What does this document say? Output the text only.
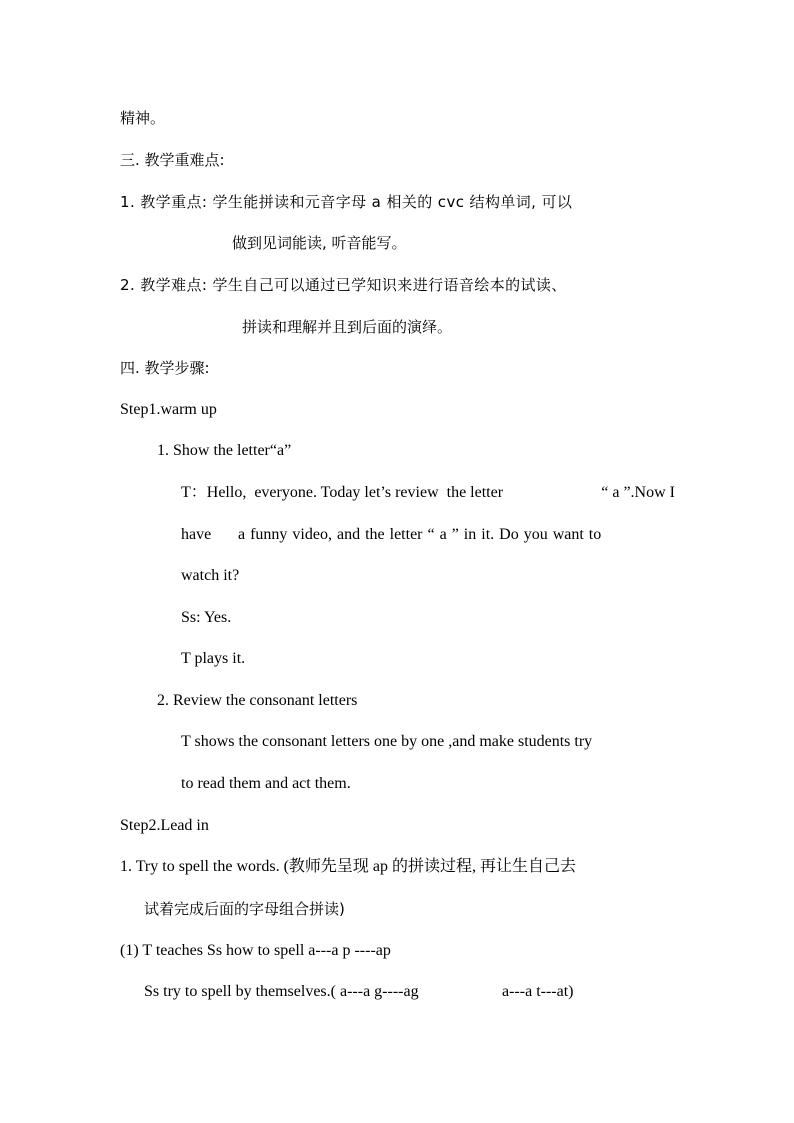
精神。
三. 教学重难点:
1. 教学重点: 学生能拼读和元音字母 a 相关的 cvc 结构单词, 可以
做到见词能读, 听音能写。
2. 教学难点: 学生自己可以通过已学知识来进行语音绘本的试读、
拼读和理解并且到后面的演绎。
四. 教学步骤:
Step1.warm up
1. Show the letter“a”
T：Hello,  everyone. Today let’s review  the letter	“ a ”.Now I
have a funny video, and the letter “ a ” in it. Do you want to
watch it?
Ss: Yes.
T plays it.
2. Review the consonant letters
T shows the consonant letters one by one ,and make students try
to read them and act them.
Step2.Lead in
1. Try to spell the words. (教师先呈现 ap 的拼读过程, 再让生自己去
试着完成后面的字母组合拼读)
(1) T teaches Ss how to spell a---a p ----ap
Ss try to spell by themselves.( a---a g----ag	a---a t---at)
